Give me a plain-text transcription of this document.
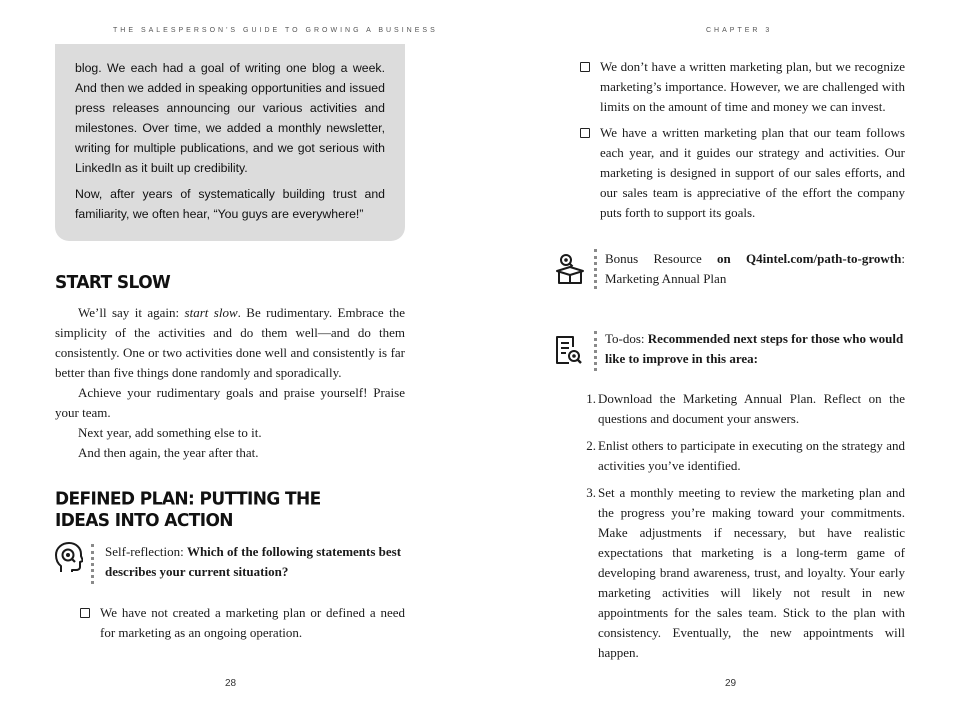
THE SALESPERSON'S GUIDE TO GROWING A BUSINESS

blog. We each had a goal of writing one blog a week. And then we added in speaking opportunities and issued press releases announcing our various activities and milestones. Over time, we added a monthly newsletter, writing for multiple publications, and we got serious with LinkedIn as it built up credibility.

Now, after years of systematically building trust and familiarity, we often hear, “You guys are everywhere!”

START SLOW

We’ll say it again: start slow. Be rudimentary. Embrace the simplicity of the activities and do them well—and do them consistently. One or two activities done well and consistently is far better than five things done randomly and sporadically.

Achieve your rudimentary goals and praise yourself! Praise your team.

Next year, add something else to it.

And then again, the year after that.

DEFINED PLAN: PUTTING THE
IDEAS INTO ACTION
Self-reflection: Which of the following statements best describes your current situation?
We have not created a marketing plan or defined a need for marketing as an ongoing operation.
28
CHAPTER 3
We don’t have a written marketing plan, but we recognize marketing’s importance. However, we are challenged with limits on the amount of time and money we can invest.
We have a written marketing plan that our team follows each year, and it guides our strategy and activities. Our marketing is designed in support of our sales efforts, and our sales team is appreciative of the effort the company puts forth to support its goals.
Bonus Resource on Q4intel.com/path-to-growth: Marketing Annual Plan
To-dos: Recommended next steps for those who would like to improve in this area:
1. Download the Marketing Annual Plan. Reflect on the questions and document your answers.
2. Enlist others to participate in executing on the strategy and activities you’ve identified.
3. Set a monthly meeting to review the marketing plan and the progress you’re making toward your commitments. Make adjustments if necessary, but have realistic expectations that marketing is a long-term game of developing brand awareness, trust, and loyalty. Your early marketing activities will likely not result in new appointments for the sales team. Stick to the plan with consistency. Eventually, the new appointments will happen.
29
